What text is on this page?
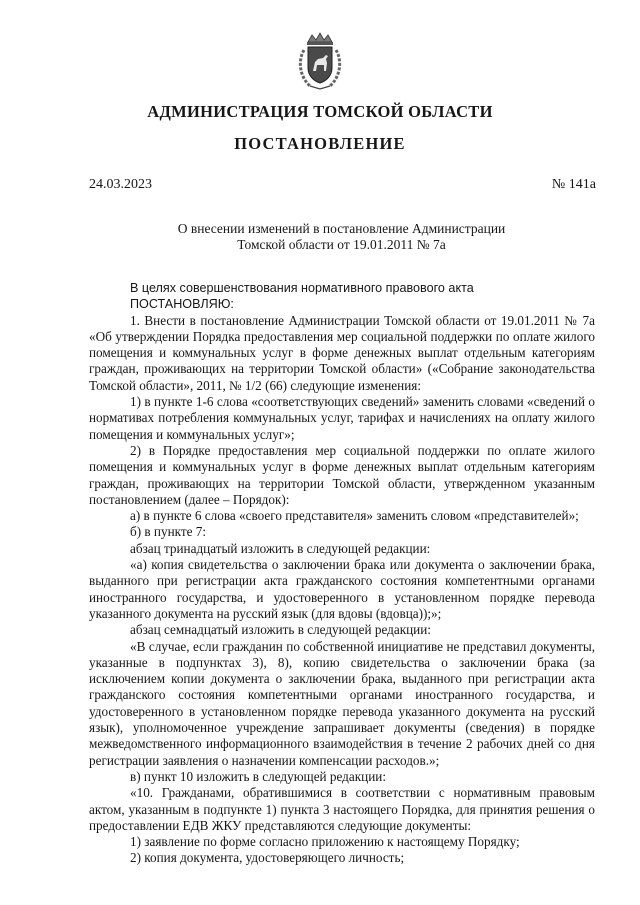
АДМИНИСТРАЦИЯ ТОМСКОЙ ОБЛАСТИ
ПОСТАНОВЛЕНИЕ
24.03.2023	№ 141а
О внесении изменений в постановление Администрации
Томской области от 19.01.2011 № 7а

В целях совершенствования нормативного правового акта

ПОСТАНОВЛЯЮ:

1. Внести в постановление Администрации Томской области от 19.01.2011 № 7а «Об утверждении Порядка предоставления мер социальной поддержки по оплате жилого помещения и коммунальных услуг в форме денежных выплат отдельным категориям граждан, проживающих на территории Томской области» («Собрание законодательства Томской области», 2011, № 1/2 (66) следующие изменения:

1) в пункте 1-6 слова «соответствующих сведений» заменить словами «сведений о нормативах потребления коммунальных услуг, тарифах и начислениях на оплату жилого помещения и коммунальных услуг»;

2) в Порядке предоставления мер социальной поддержки по оплате жилого помещения и коммунальных услуг в форме денежных выплат отдельным категориям граждан, проживающих на территории Томской области, утвержденном указанным постановлением (далее – Порядок):

а) в пункте 6 слова «своего представителя» заменить словом «представителей»;

б) в пункте 7:

абзац тринадцатый изложить в следующей редакции:

«а) копия свидетельства о заключении брака или документа о заключении брака, выданного при регистрации акта гражданского состояния компетентными органами иностранного государства, и удостоверенного в установленном порядке перевода указанного документа на русский язык (для вдовы (вдовца));»;

абзац семнадцатый изложить в следующей редакции:

«В случае, если гражданин по собственной инициативе не представил документы, указанные в подпунктах 3), 8), копию свидетельства о заключении брака (за исключением копии документа о заключении брака, выданного при регистрации акта гражданского состояния компетентными органами иностранного государства, и удостоверенного в установленном порядке перевода указанного документа на русский язык), уполномоченное учреждение запрашивает документы (сведения) в порядке межведомственного информационного взаимодействия в течение 2 рабочих дней со дня регистрации заявления о назначении компенсации расходов.»;

в) пункт 10 изложить в следующей редакции:

«10. Гражданами, обратившимися в соответствии с нормативным правовым актом, указанным в подпункте 1) пункта 3 настоящего Порядка, для принятия решения о предоставлении ЕДВ ЖКУ представляются следующие документы:

1) заявление по форме согласно приложению к настоящему Порядку;

2) копия документа, удостоверяющего личность;
